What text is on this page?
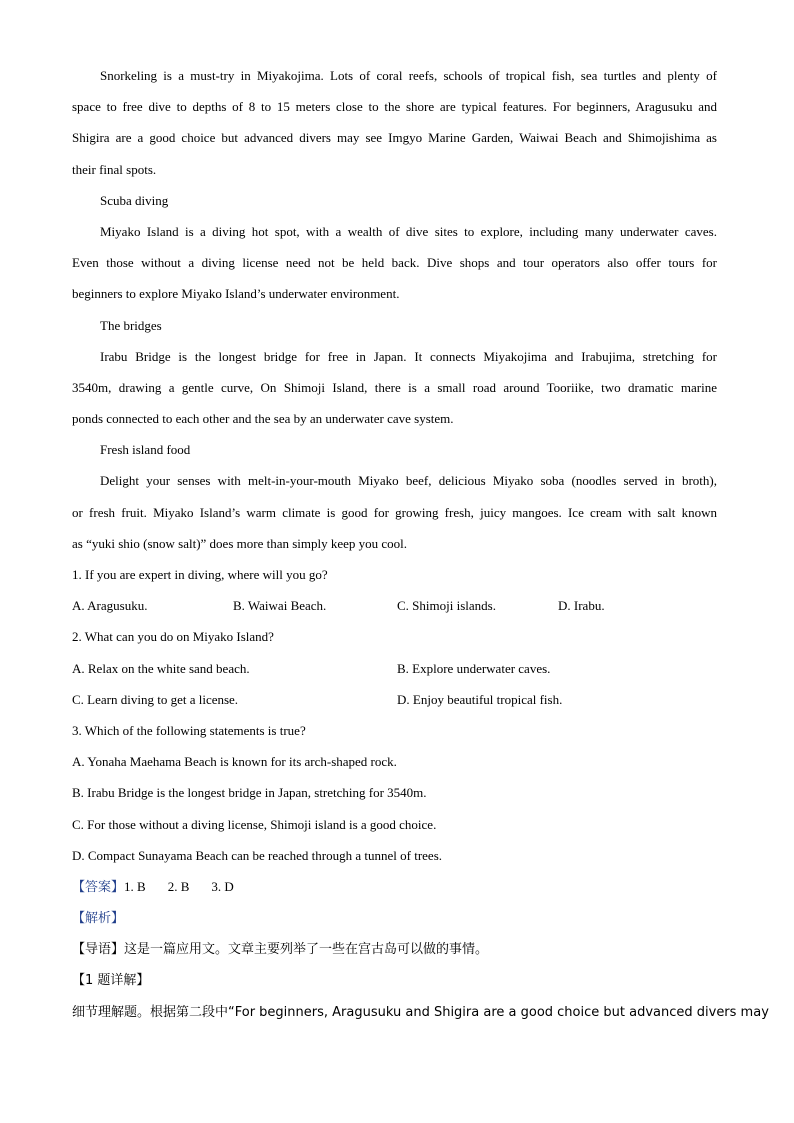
Snorkeling is a must-try in Miyakojima. Lots of coral reefs, schools of tropical fish, sea turtles and plenty of
space to free dive to depths of 8 to 15 meters close to the shore are typical features. For beginners, Aragusuku and
Shigira are a good choice but advanced divers may see Imgyo Marine Garden, Waiwai Beach and Shimojishima as
their final spots.
Scuba diving
Miyako Island is a diving hot spot, with a wealth of dive sites to explore, including many underwater caves.
Even those without a diving license need not be held back. Dive shops and tour operators also offer tours for
beginners to explore Miyako Island’s underwater environment.
The bridges
Irabu Bridge is the longest bridge for free in Japan. It connects Miyakojima and Irabujima, stretching for
3540m, drawing a gentle curve, On Shimoji Island, there is a small road around Tooriike, two dramatic marine
ponds connected to each other and the sea by an underwater cave system.
Fresh island food
Delight your senses with melt-in-your-mouth Miyako beef, delicious Miyako soba (noodles served in broth),
or fresh fruit. Miyako Island’s warm climate is good for growing fresh, juicy mangoes. Ice cream with salt known
as “yuki shio (snow salt)” does more than simply keep you cool.
1. If you are expert in diving, where will you go?
A. Aragusuku.	B. Waiwai Beach.	C. Shimoji islands.	D. Irabu.
2. What can you do on Miyako Island?
A. Relax on the white sand beach.	B. Explore underwater caves.
C. Learn diving to get a license.	D. Enjoy beautiful tropical fish.
3. Which of the following statements is true?
A. Yonaha Maehama Beach is known for its arch-shaped rock.
B. Irabu Bridge is the longest bridge in Japan, stretching for 3540m.
C. For those without a diving license, Shimoji island is a good choice.
D. Compact Sunayama Beach can be reached through a tunnel of trees.
【答案】1. B 2. B 3. D
【解析】
【导语】这是一篇应用文。文章主要列举了一些在宫古岛可以做的事情。
【1 题详解】
细节理解题。根据第二段中“For beginners, Aragusuku and Shigira are a good choice but advanced divers may
